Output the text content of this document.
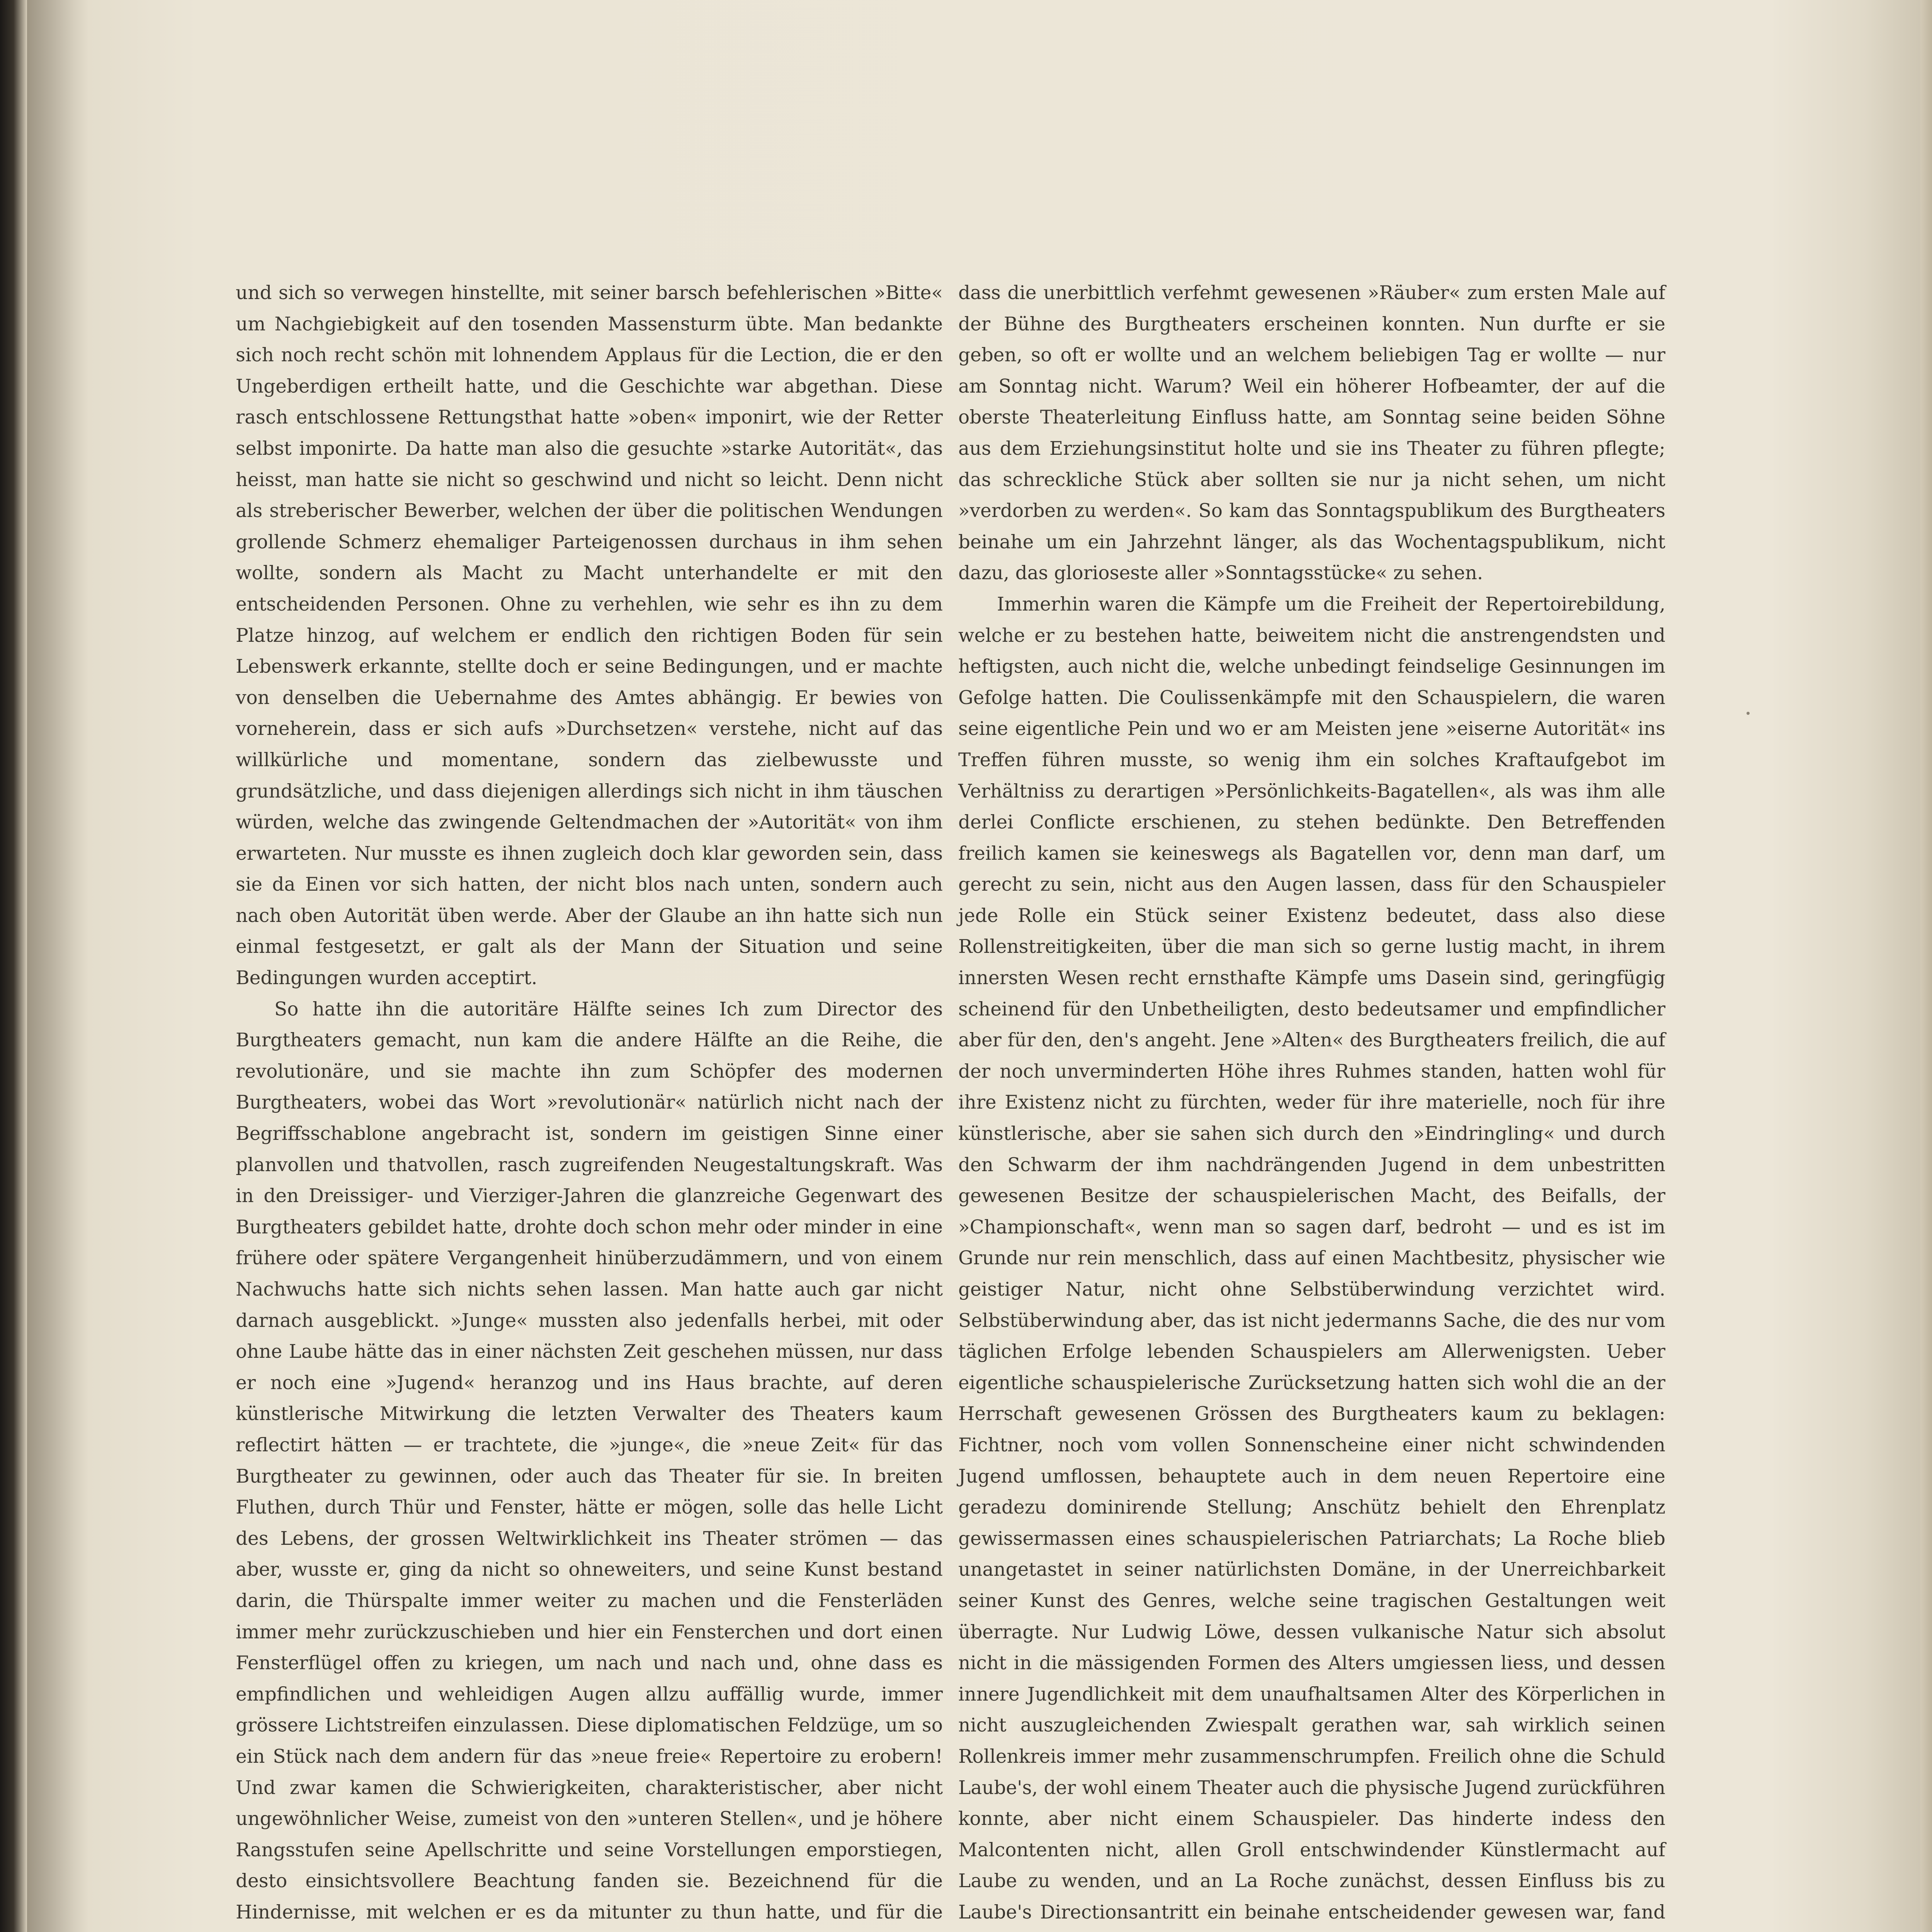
und sich so verwegen hinstellte, mit seiner barsch befehlerischen »Bitte« um Nachgiebigkeit auf den tosenden Massensturm übte. Man bedankte sich noch recht schön mit lohnendem Applaus für die Lection, die er den Ungeberdigen ertheilt hatte, und die Geschichte war abgethan. Diese rasch entschlossene Rettungsthat hatte »oben« imponirt, wie der Retter selbst imponirte. Da hatte man also die gesuchte »starke Autorität«, das heisst, man hatte sie nicht so geschwind und nicht so leicht. Denn nicht als streberischer Bewerber, welchen der über die politischen Wendungen grollende Schmerz ehemaliger Parteigenossen durchaus in ihm sehen wollte, sondern als Macht zu Macht unterhandelte er mit den entscheidenden Personen. Ohne zu verhehlen, wie sehr es ihn zu dem Platze hinzog, auf welchem er endlich den richtigen Boden für sein Lebenswerk erkannte, stellte doch er seine Bedingungen, und er machte von denselben die Uebernahme des Amtes abhängig. Er bewies von vorneherein, dass er sich aufs »Durchsetzen« verstehe, nicht auf das willkürliche und momentane, sondern das zielbewusste und grundsätzliche, und dass diejenigen allerdings sich nicht in ihm täuschen würden, welche das zwingende Geltendmachen der »Autorität« von ihm erwarteten. Nur musste es ihnen zugleich doch klar geworden sein, dass sie da Einen vor sich hatten, der nicht blos nach unten, sondern auch nach oben Autorität üben werde. Aber der Glaube an ihn hatte sich nun einmal festgesetzt, er galt als der Mann der Situation und seine Bedingungen wurden acceptirt.

So hatte ihn die autoritäre Hälfte seines Ich zum Director des Burgtheaters gemacht, nun kam die andere Hälfte an die Reihe, die revolutionäre, und sie machte ihn zum Schöpfer des modernen Burgtheaters, wobei das Wort »revolutionär« natürlich nicht nach der Begriffsschablone angebracht ist, sondern im geistigen Sinne einer planvollen und thatvollen, rasch zugreifenden Neugestaltungskraft. Was in den Dreissiger- und Vierziger-Jahren die glanzreiche Gegenwart des Burgtheaters gebildet hatte, drohte doch schon mehr oder minder in eine frühere oder spätere Vergangenheit hinüberzudämmern, und von einem Nachwuchs hatte sich nichts sehen lassen. Man hatte auch gar nicht darnach ausgeblickt. »Junge« mussten also jedenfalls herbei, mit oder ohne Laube hätte das in einer nächsten Zeit geschehen müssen, nur dass er noch eine »Jugend« heranzog und ins Haus brachte, auf deren künstlerische Mitwirkung die letzten Verwalter des Theaters kaum reflectirt hätten — er trachtete, die »junge«, die »neue Zeit« für das Burgtheater zu gewinnen, oder auch das Theater für sie. In breiten Fluthen, durch Thür und Fenster, hätte er mögen, solle das helle Licht des Lebens, der grossen Weltwirklichkeit ins Theater strömen — das aber, wusste er, ging da nicht so ohneweiters, und seine Kunst bestand darin, die Thürspalte immer weiter zu machen und die Fensterläden immer mehr zurückzuschieben und hier ein Fensterchen und dort einen Fensterflügel offen zu kriegen, um nach und nach und, ohne dass es empfindlichen und wehleidigen Augen allzu auffällig wurde, immer grössere Lichtstreifen einzulassen. Diese diplomatischen Feldzüge, um so ein Stück nach dem andern für das »neue freie« Repertoire zu erobern! Und zwar kamen die Schwierigkeiten, charakteristischer, aber nicht ungewöhnlicher Weise, zumeist von den »unteren Stellen«, und je höhere Rangsstufen seine Apellschritte und seine Vorstellungen emporstiegen, desto einsichtsvollere Beachtung fanden sie. Bezeichnend für die Hindernisse, mit welchen er es da mitunter zu thun hatte, und für die

dass die unerbittlich verfehmt gewesenen »Räuber« zum ersten Male auf der Bühne des Burgtheaters erscheinen konnten. Nun durfte er sie geben, so oft er wollte und an welchem beliebigen Tag er wollte — nur am Sonntag nicht. Warum? Weil ein höherer Hofbeamter, der auf die oberste Theaterleitung Einfluss hatte, am Sonntag seine beiden Söhne aus dem Erziehungsinstitut holte und sie ins Theater zu führen pflegte; das schreckliche Stück aber sollten sie nur ja nicht sehen, um nicht »verdorben zu werden«. So kam das Sonntagspublikum des Burgtheaters beinahe um ein Jahrzehnt länger, als das Wochentagspublikum, nicht dazu, das glorioseste aller »Sonntagsstücke« zu sehen.

Immerhin waren die Kämpfe um die Freiheit der Repertoirebildung, welche er zu bestehen hatte, beiweitem nicht die anstrengendsten und heftigsten, auch nicht die, welche unbedingt feindselige Gesinnungen im Gefolge hatten. Die Coulissenkämpfe mit den Schauspielern, die waren seine eigentliche Pein und wo er am Meisten jene »eiserne Autorität« ins Treffen führen musste, so wenig ihm ein solches Kraftaufgebot im Verhältniss zu derartigen »Persönlichkeits-Bagatellen«, als was ihm alle derlei Conflicte erschienen, zu stehen bedünkte. Den Betreffenden freilich kamen sie keineswegs als Bagatellen vor, denn man darf, um gerecht zu sein, nicht aus den Augen lassen, dass für den Schauspieler jede Rolle ein Stück seiner Existenz bedeutet, dass also diese Rollenstreitigkeiten, über die man sich so gerne lustig macht, in ihrem innersten Wesen recht ernsthafte Kämpfe ums Dasein sind, geringfügig scheinend für den Unbetheiligten, desto bedeutsamer und empfindlicher aber für den, den's angeht. Jene »Alten« des Burgtheaters freilich, die auf der noch unverminderten Höhe ihres Ruhmes standen, hatten wohl für ihre Existenz nicht zu fürchten, weder für ihre materielle, noch für ihre künstlerische, aber sie sahen sich durch den »Eindringling« und durch den Schwarm der ihm nachdrängenden Jugend in dem unbestritten gewesenen Besitze der schauspielerischen Macht, des Beifalls, der »Championschaft«, wenn man so sagen darf, bedroht — und es ist im Grunde nur rein menschlich, dass auf einen Machtbesitz, physischer wie geistiger Natur, nicht ohne Selbstüberwindung verzichtet wird. Selbstüberwindung aber, das ist nicht jedermanns Sache, die des nur vom täglichen Erfolge lebenden Schauspielers am Allerwenigsten. Ueber eigentliche schauspielerische Zurücksetzung hatten sich wohl die an der Herrschaft gewesenen Grössen des Burgtheaters kaum zu beklagen: Fichtner, noch vom vollen Sonnenscheine einer nicht schwindenden Jugend umflossen, behauptete auch in dem neuen Repertoire eine geradezu dominirende Stellung; Anschütz behielt den Ehrenplatz gewissermassen eines schauspielerischen Patriarchats; La Roche blieb unangetastet in seiner natürlichsten Domäne, in der Unerreichbarkeit seiner Kunst des Genres, welche seine tragischen Gestaltungen weit überragte. Nur Ludwig Löwe, dessen vulkanische Natur sich absolut nicht in die mässigenden Formen des Alters umgiessen liess, und dessen innere Jugendlichkeit mit dem unaufhaltsamen Alter des Körperlichen in nicht auszugleichenden Zwiespalt gerathen war, sah wirklich seinen Rollenkreis immer mehr zusammenschrumpfen. Freilich ohne die Schuld Laube's, der wohl einem Theater auch die physische Jugend zurückführen konnte, aber nicht einem Schauspieler. Das hinderte indess den Malcontenten nicht, allen Groll entschwindender Künstlermacht auf Laube zu wenden, und an La Roche zunächst, dessen Einfluss bis zu Laube's Directionsantritt ein beinahe entscheidender gewesen war, fand
